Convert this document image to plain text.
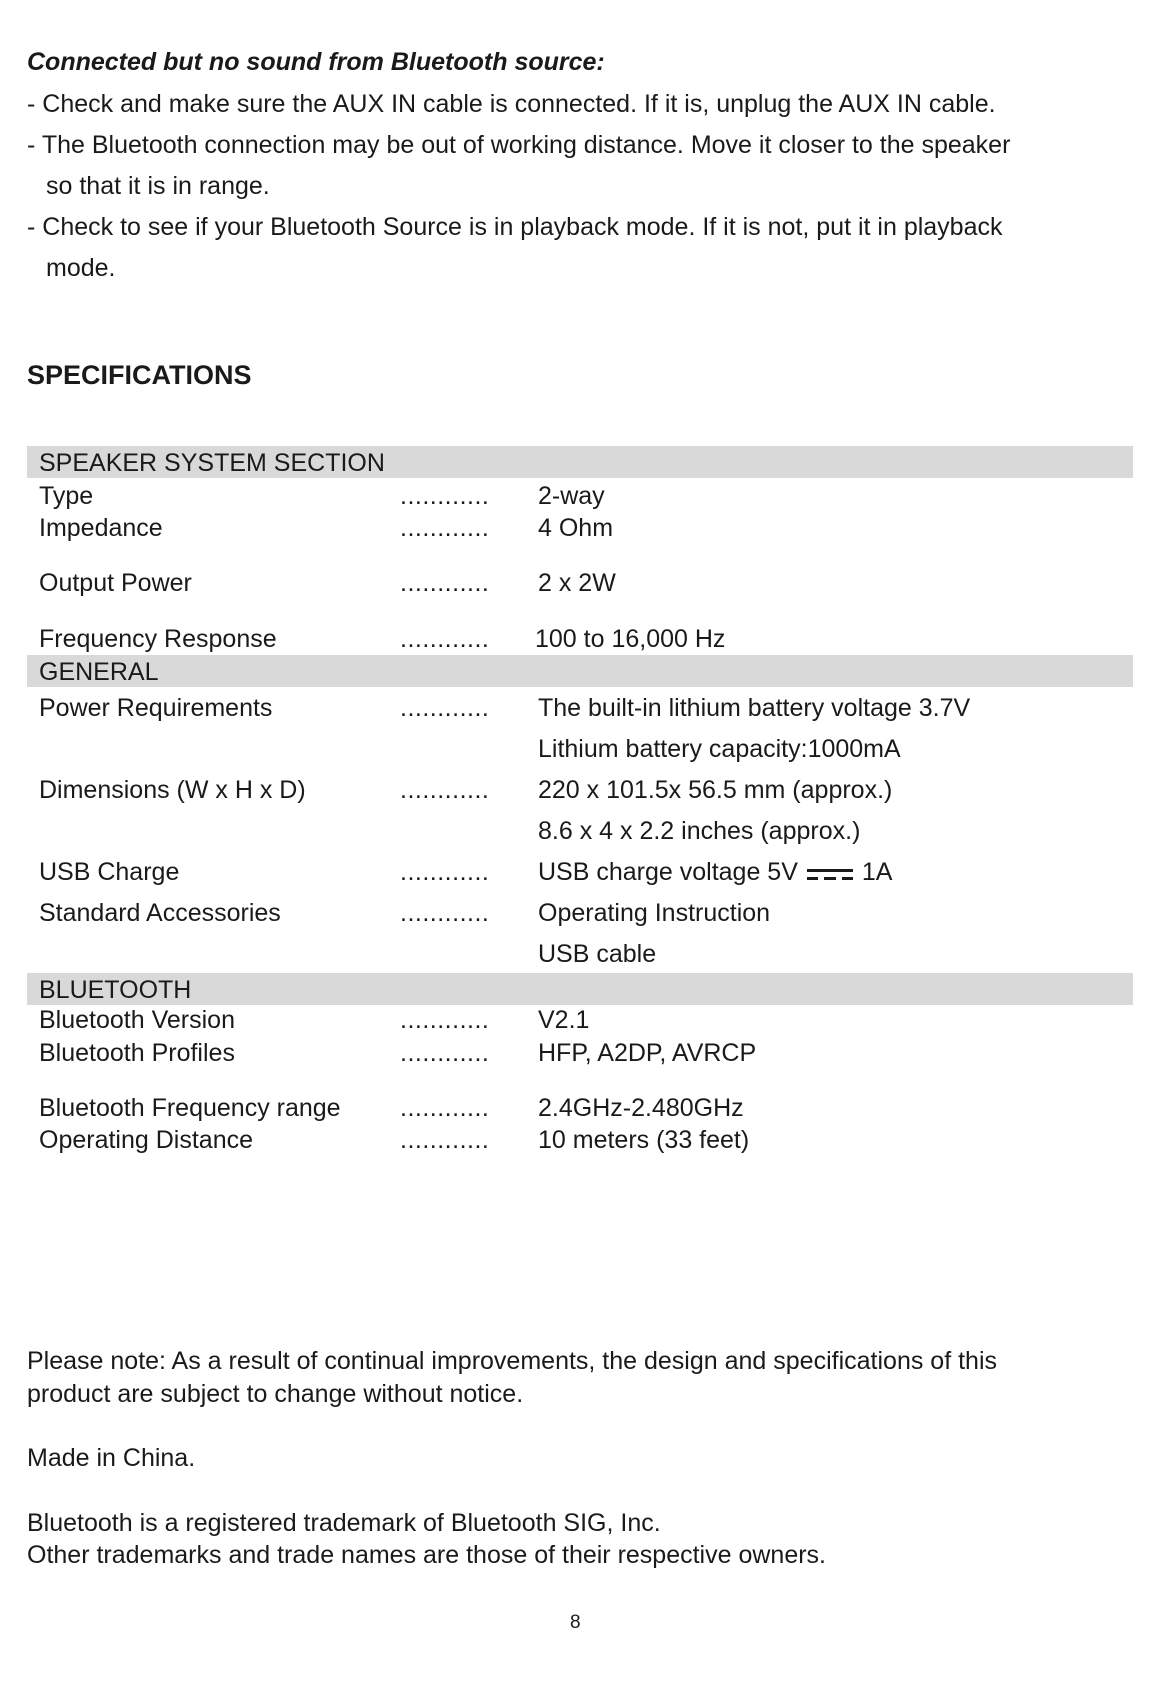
Connected but no sound from Bluetooth source:
- Check and make sure the AUX IN cable is connected. If it is, unplug the AUX IN cable.
- The Bluetooth connection may be out of working distance. Move it closer to the speaker
so that it is in range.
- Check to see if your Bluetooth Source is in playback mode. If it is not, put it in playback
mode.
SPECIFICATIONS
SPEAKER SYSTEM SECTION
Type	............ 2-way
Impedance	............ 4 Ohm
Output Power	............ 2 x 2W
Frequency Response	............ 100 to 16,000 Hz
GENERAL
Power Requirements	............ The built-in lithium battery voltage 3.7V
Lithium battery capacity:1000mA
Dimensions (W x H x D)	............ 220 x 101.5x 56.5 mm (approx.)
8.6 x 4 x 2.2 inches (approx.)
USB Charge	............ USB charge voltage 5V	1A
Standard Accessories	............ Operating Instruction
USB cable
BLUETOOTH
Bluetooth Version	............ V2.1
Bluetooth Profiles	............ HFP, A2DP, AVRCP
Bluetooth Frequency range ............ 2.4GHz-2.480GHz
Operating Distance	............ 10 meters (33 feet)
Please note: As a result of continual improvements, the design and specifications of this
product are subject to change without notice.
Made in China.
Bluetooth is a registered trademark of Bluetooth SIG, Inc.
Other trademarks and trade names are those of their respective owners.
8
